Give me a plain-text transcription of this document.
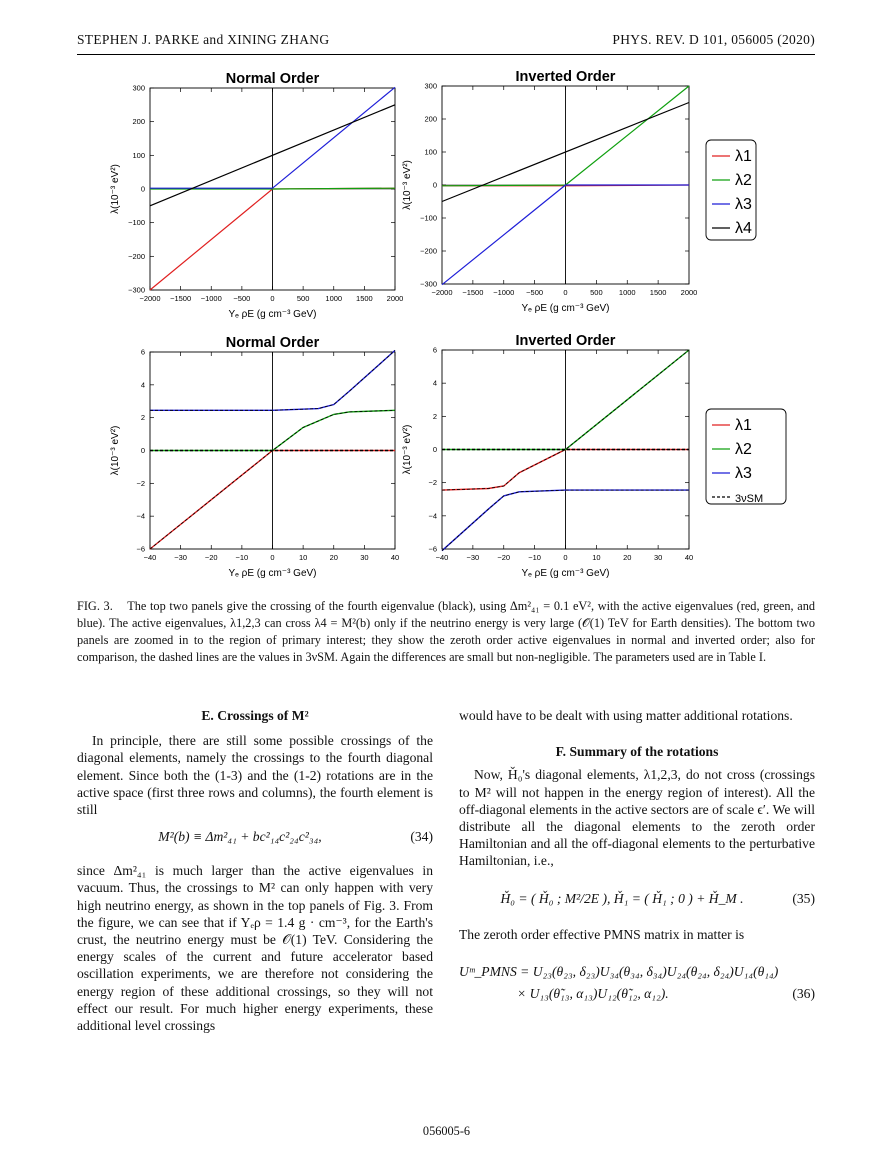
STEPHEN J. PARKE and XINING ZHANG	PHYS. REV. D 101, 056005 (2020)
−2000 −1500 −1000 −500	0	500 1000 1500 2000
−300
−200
−100
0
100
200
300
Normal Order
Yₑ ρE (g cm⁻³ GeV)
λ(10⁻³ eV²)
−2000 −1500 −1000 −500	0	500 1000 1500 2000
−300
−200
−100
0
100
200
300
Inverted Order
Yₑ ρE (g cm⁻³ GeV)
λ(10⁻³ eV²)
−40 −30 −20 −10	0	10	20	30	40
−6
−4
−2
0
2
4
6
Normal Order
Yₑ ρE (g cm⁻³ GeV)
λ(10⁻³ eV²)
−40 −30 −20 −10	0	10	20	30	40
−6
−4
−2
0
2
4
6
Inverted Order
Yₑ ρE (g cm⁻³ GeV)
λ(10⁻³ eV²)
λ1
λ2
λ3
λ4
λ1
λ2
λ3
3νSM
FIG. 3. The top two panels give the crossing of the fourth eigenvalue (black), using Δm²₄₁ = 0.1 eV², with the active eigenvalues (red, green, and blue). The active eigenvalues, λ1,2,3 can cross λ4 = M²(b) only if the neutrino energy is very large (𝒪(1) TeV for Earth densities). The bottom two panels are zoomed in to the region of primary interest; they show the zeroth order active eigenvalues in normal and inverted order; also for comparison, the dashed lines are the values in 3νSM. Again the differences are small but non-negligible. The parameters used are in Table I.

E. Crossings of M²

In principle, there are still some possible crossings of the diagonal elements, namely the crossings to the fourth diagonal element. Since both the (1-3) and the (1-2) rotations are in the active space (first three rows and columns), the fourth element is still

M²(b) ≡ Δm²₄₁ + bc²₁₄c²₂₄c²₃₄,	(34)

since Δm²₄₁ is much larger than the active eigenvalues in vacuum. Thus, the crossings to M² can only happen with very high neutrino energy, as shown in the top panels of Fig. 3. From the figure, we can see that if Yₑρ = 1.4 g · cm⁻³, for the Earth's crust, the neutrino energy must be 𝒪(1) TeV. Considering the energy scales of the current and future accelerator based oscillation experiments, we are therefore not considering the energy region of these additional crossings, so they will not effect our result. For much higher energy experiments, these additional level crossings

would have to be dealt with using matter additional rotations.

F. Summary of the rotations

Now, Ȟ₀'s diagonal elements, λ1,2,3, do not cross (crossings to M² will not happen in the energy region of interest). All the off-diagonal elements in the active sectors are of scale ϵ′. We will distribute all the diagonal elements to the zeroth order Hamiltonian and all the off-diagonal elements to the perturbative Hamiltonian, i.e.,

Ȟ₀ = ( Ȟ₀ ; M²/2E ), Ȟ₁ = ( Ȟ₁ ; 0 ) + Ȟ_M .	(35)

The zeroth order effective PMNS matrix in matter is

Uᵐ_PMNS = U₂₃(θ₂₃, δ₂₃)U₃₄(θ₃₄, δ₃₄)U₂₄(θ₂₄, δ₂₄)U₁₄(θ₁₄)
× U₁₃(θ̃₁₃, α₁₃)U₁₂(θ̃₁₂, α₁₂).	(36)
056005-6
